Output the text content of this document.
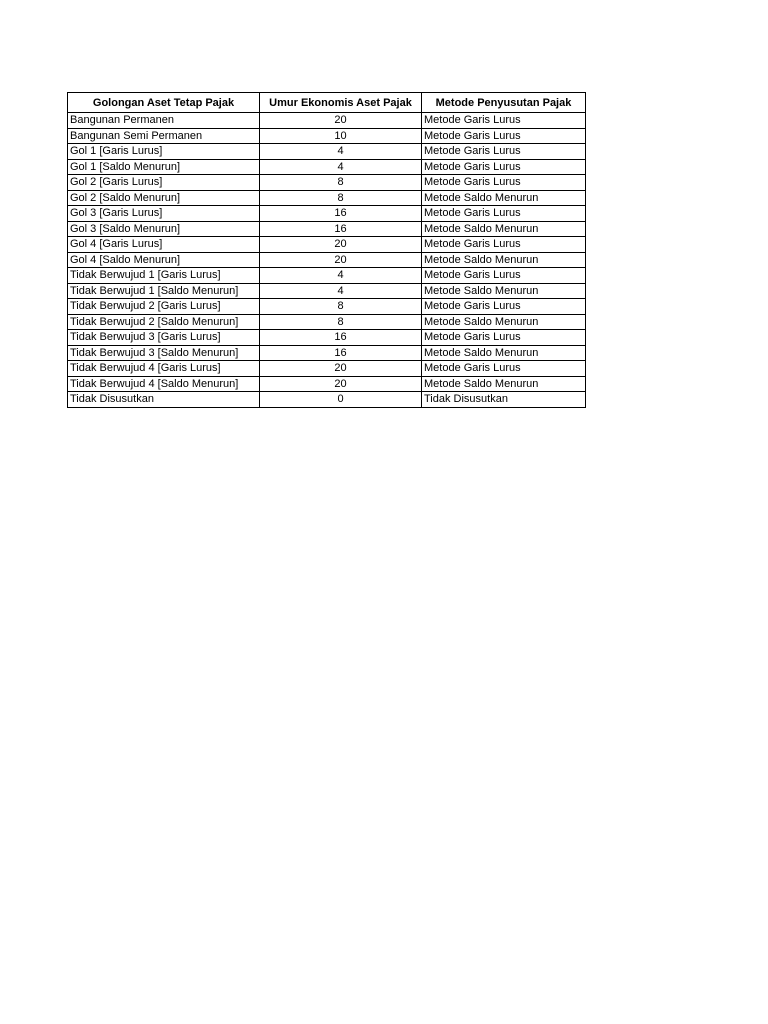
Golongan Aset Tetap Pajak	Umur Ekonomis Aset Pajak	Metode Penyusutan Pajak
Bangunan Permanen	20	Metode Garis Lurus
Bangunan Semi Permanen	10	Metode Garis Lurus
Gol 1 [Garis Lurus]	4	Metode Garis Lurus
Gol 1 [Saldo Menurun]	4	Metode Garis Lurus
Gol 2 [Garis Lurus]	8	Metode Garis Lurus
Gol 2 [Saldo Menurun]	8	Metode Saldo Menurun
Gol 3 [Garis Lurus]	16	Metode Garis Lurus
Gol 3 [Saldo Menurun]	16	Metode Saldo Menurun
Gol 4 [Garis Lurus]	20	Metode Garis Lurus
Gol 4 [Saldo Menurun]	20	Metode Saldo Menurun
Tidak Berwujud 1 [Garis Lurus]	4	Metode Garis Lurus
Tidak Berwujud 1 [Saldo Menurun]	4	Metode Saldo Menurun
Tidak Berwujud 2 [Garis Lurus]	8	Metode Garis Lurus
Tidak Berwujud 2 [Saldo Menurun]	8	Metode Saldo Menurun
Tidak Berwujud 3 [Garis Lurus]	16	Metode Garis Lurus
Tidak Berwujud 3 [Saldo Menurun]	16	Metode Saldo Menurun
Tidak Berwujud 4 [Garis Lurus]	20	Metode Garis Lurus
Tidak Berwujud 4 [Saldo Menurun]	20	Metode Saldo Menurun
Tidak Disusutkan	0	Tidak Disusutkan
